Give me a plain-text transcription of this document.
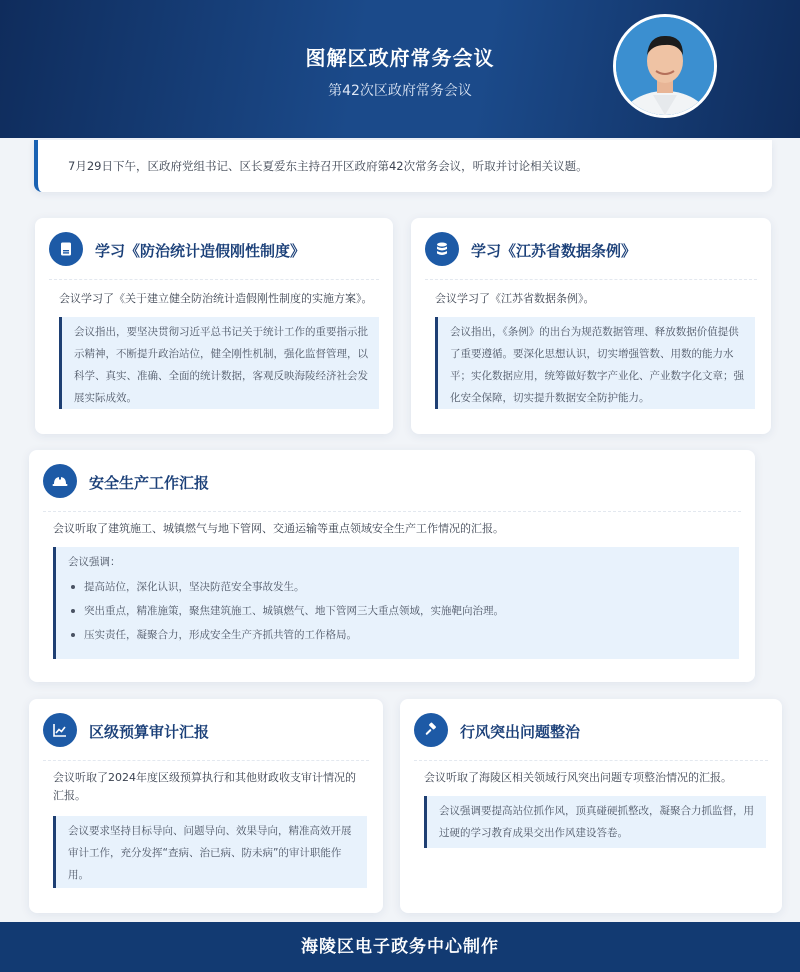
图解区政府常务会议
第42次区政府常务会议
7月29日下午，区政府党组书记、区长夏爱东主持召开区政府第42次常务会议，听取并讨论相关议题。
学习《防治统计造假刚性制度》
会议学习了《关于建立健全防治统计造假刚性制度的实施方案》。
会议指出，要坚决贯彻习近平总书记关于统计工作的重要指示批示精神，不断提升政治站位，健全刚性机制，强化监督管理，以科学、真实、准确、全面的统计数据，客观反映海陵经济社会发展实际成效。
学习《江苏省数据条例》
会议学习了《江苏省数据条例》。
会议指出，《条例》的出台为规范数据管理、释放数据价值提供了重要遵循。要深化思想认识，切实增强管数、用数的能力水平；实化数据应用，统筹做好数字产业化、产业数字化文章；强化安全保障，切实提升数据安全防护能力。
安全生产工作汇报
会议听取了建筑施工、城镇燃气与地下管网、交通运输等重点领域安全生产工作情况的汇报。
会议强调：
提高站位，深化认识，坚决防范安全事故发生。
突出重点，精准施策，聚焦建筑施工、城镇燃气、地下管网三大重点领域，实施靶向治理。
压实责任，凝聚合力，形成安全生产齐抓共管的工作格局。
区级预算审计汇报
会议听取了2024年度区级预算执行和其他财政收支审计情况的汇报。
会议要求坚持目标导向、问题导向、效果导向，精准高效开展审计工作，充分发挥“查病、治已病、防未病”的审计职能作用。
行风突出问题整治
会议听取了海陵区相关领域行风突出问题专项整治情况的汇报。
会议强调要提高站位抓作风，顶真碰硬抓整改，凝聚合力抓监督，用过硬的学习教育成果交出作风建设答卷。
海陵区电子政务中心制作
